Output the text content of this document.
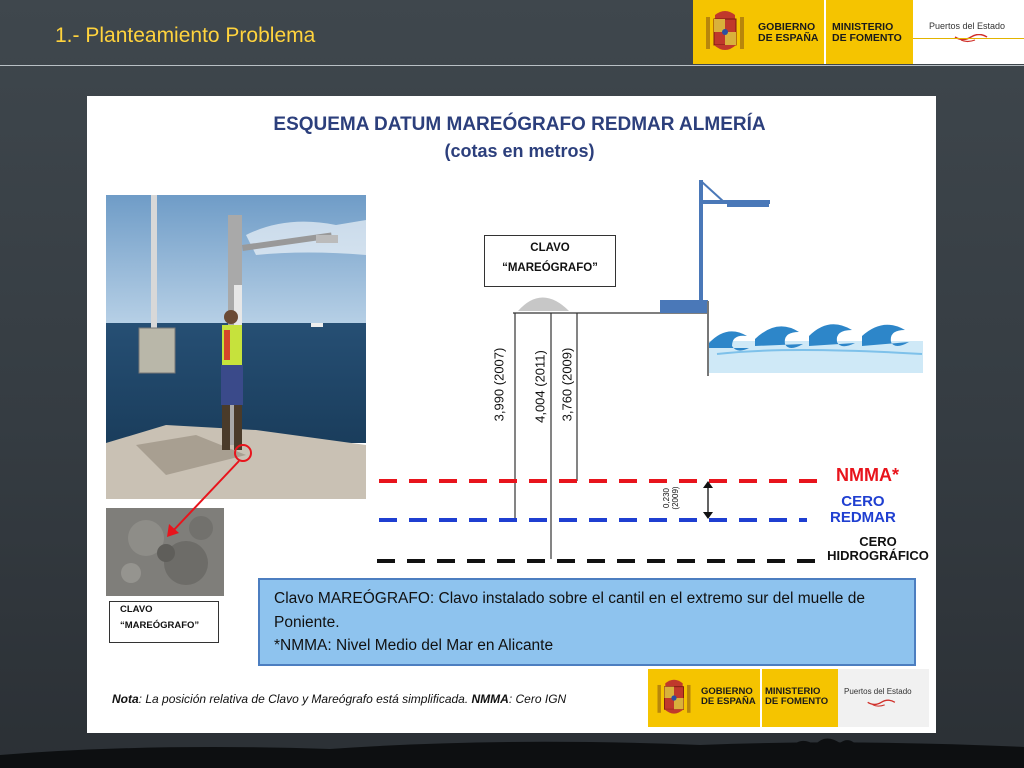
1.- Planteamiento Problema	GOBIERNO
DE ESPAÑA
MINISTERIO
DE FOMENTO
Puertos del Estado
ESQUEMA DATUM MAREÓGRAFO REDMAR ALMERÍA
(cotas en metros)
CLAVO
“MAREÓGRAFO”
CLAVO
“MAREÓGRAFO”
3,990 (2007) 4,004 (2011) 3,760 (2009)
0,230 (2009)
NMMA*
CERO
REDMAR
CERO
HIDROGRÁFICO
Clavo MAREÓGRAFO: Clavo instalado sobre el cantil en el extremo sur del muelle de
Poniente.
*NMMA: Nivel Medio del Mar en Alicante
Nota: La posición relativa de Clavo y Mareógrafo está simplificada. NMMA: Cero IGN
GOBIERNO
DE ESPAÑA
MINISTERIO
DE FOMENTO
Puertos del Estado
